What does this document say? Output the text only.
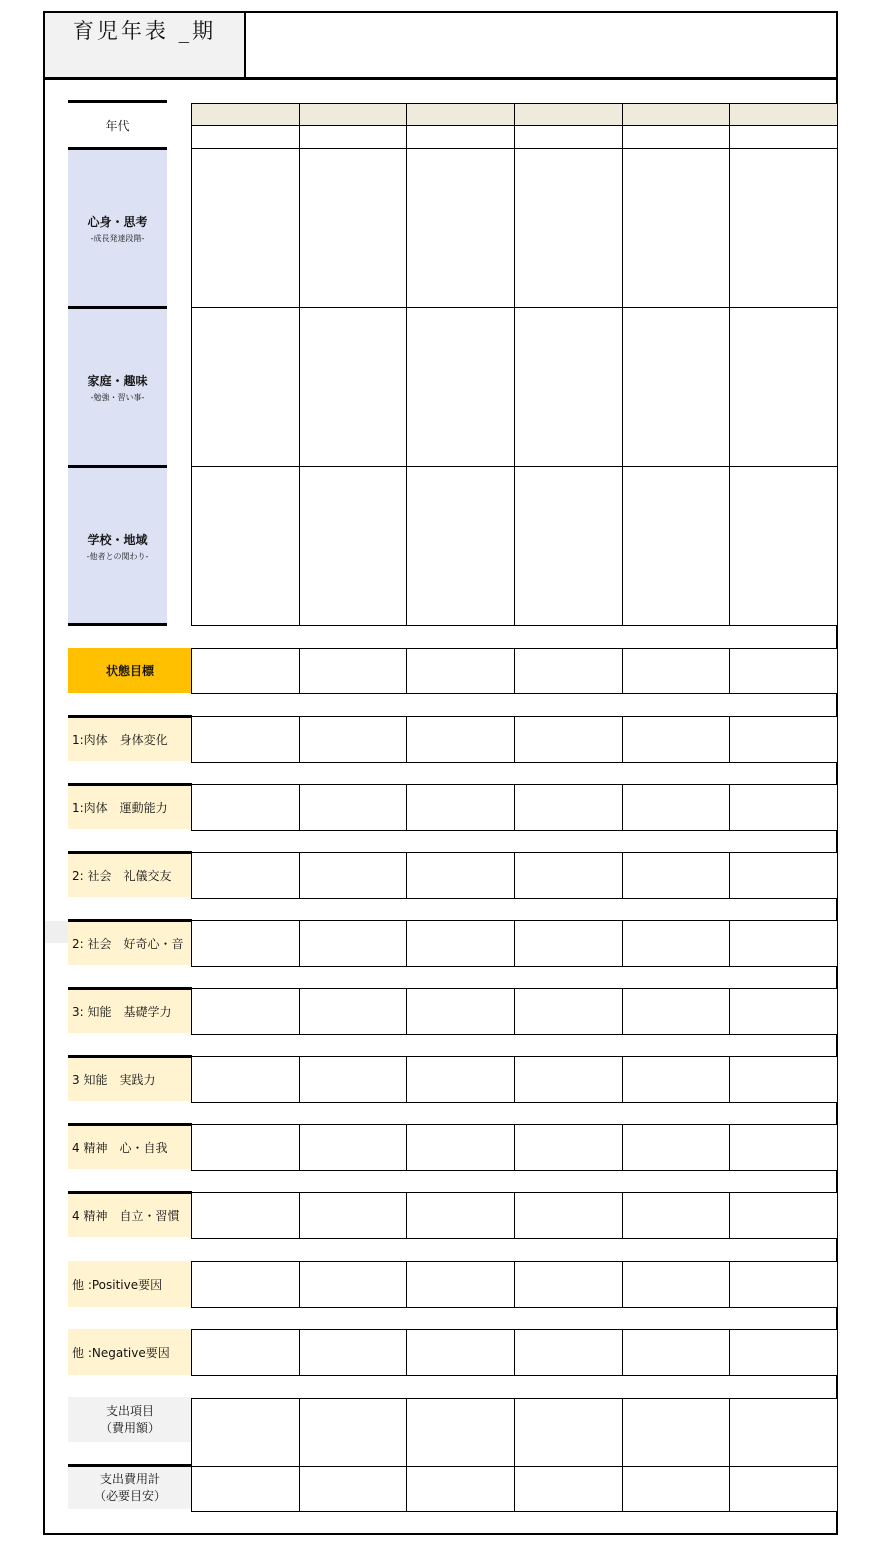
育児年表 _期
年代
心身・思考
-成長発達段階-
家庭・趣味
-勉強・習い事-
学校・地域
-他者との関わり-
状態目標
1:肉体　身体変化
1:肉体　運動能力
2: 社会　礼儀交友
2: 社会　好奇心・音
3: 知能　基礎学力
3 知能　実践力
4 精神　心・自我
4 精神　自立・習慣
他 :Positive要因
他 :Negative要因
支出項目
（費用額）
支出費用計
（必要目安）
